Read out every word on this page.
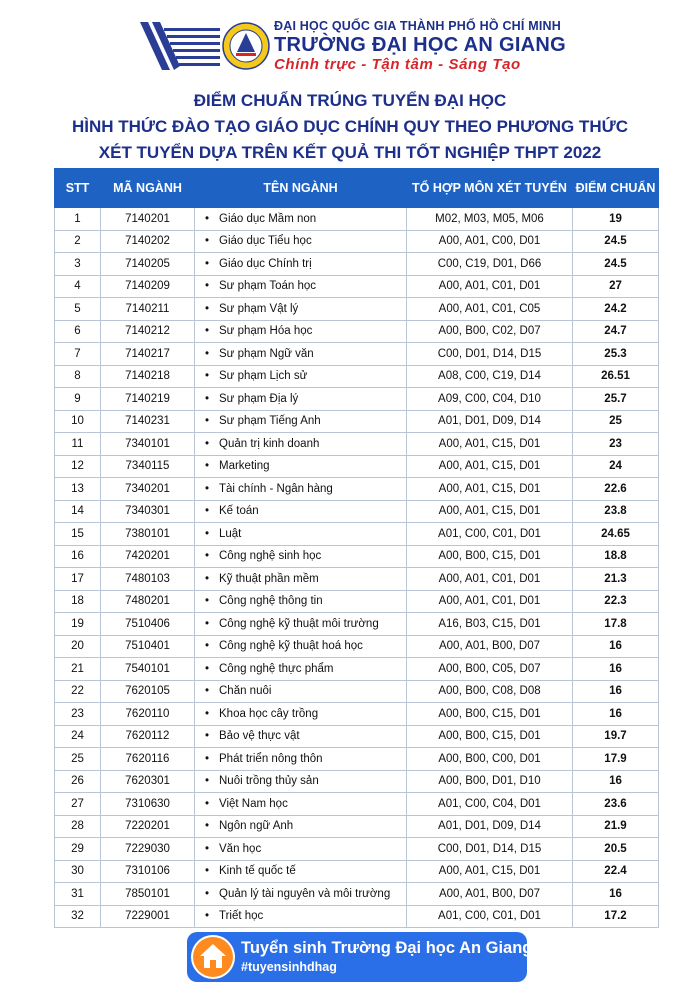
ĐẠI HỌC QUỐC GIA THÀNH PHỐ HỒ CHÍ MINH
TRƯỜNG ĐẠI HỌC AN GIANG
Chính trực - Tận tâm - Sáng Tạo
ĐIỂM CHUẨN TRÚNG TUYỂN ĐẠI HỌC
HÌNH THỨC ĐÀO TẠO GIÁO DỤC CHÍNH QUY THEO PHƯƠNG THỨC
XÉT TUYỂN DỰA TRÊN KẾT QUẢ THI TỐT NGHIỆP THPT 2022
STT	MÃ NGÀNH	TÊN NGÀNH	TỔ HỢP MÔN XÉT TUYỂN	ĐIỂM CHUẨN
1	7140201	• Giáo dục Mầm non	M02, M03, M05, M06	19
2	7140202	• Giáo dục Tiểu học	A00, A01, C00, D01	24.5
3	7140205	• Giáo dục Chính trị	C00, C19, D01, D66	24.5
4	7140209	• Sư phạm Toán học	A00, A01, C01, D01	27
5	7140211	• Sư phạm Vật lý	A00, A01, C01, C05	24.2
6	7140212	• Sư phạm Hóa học	A00, B00, C02, D07	24.7
7	7140217	• Sư phạm Ngữ văn	C00, D01, D14, D15	25.3
8	7140218	• Sư phạm Lịch sử	A08, C00, C19, D14	26.51
9	7140219	• Sư phạm Địa lý	A09, C00, C04, D10	25.7
10	7140231	• Sư phạm Tiếng Anh	A01, D01, D09, D14	25
11	7340101	• Quản trị kinh doanh	A00, A01, C15, D01	23
12	7340115	• Marketing	A00, A01, C15, D01	24
13	7340201	• Tài chính - Ngân hàng	A00, A01, C15, D01	22.6
14	7340301	• Kế toán	A00, A01, C15, D01	23.8
15	7380101	• Luật	A01, C00, C01, D01	24.65
16	7420201	• Công nghệ sinh học	A00, B00, C15, D01	18.8
17	7480103	• Kỹ thuật phần mềm	A00, A01, C01, D01	21.3
18	7480201	• Công nghệ thông tin	A00, A01, C01, D01	22.3
19	7510406	• Công nghệ kỹ thuật môi trường	A16, B03, C15, D01	17.8
20	7510401	• Công nghệ kỹ thuật hoá học	A00, A01, B00, D07	16
21	7540101	• Công nghệ thực phẩm	A00, B00, C05, D07	16
22	7620105	• Chăn nuôi	A00, B00, C08, D08	16
23	7620110	• Khoa học cây trồng	A00, B00, C15, D01	16
24	7620112	• Bảo vệ thực vật	A00, B00, C15, D01	19.7
25	7620116	• Phát triển nông thôn	A00, B00, C00, D01	17.9
26	7620301	• Nuôi trồng thủy sản	A00, B00, D01, D10	16
27	7310630	• Việt Nam học	A01, C00, C04, D01	23.6
28	7220201	• Ngôn ngữ Anh	A01, D01, D09, D14	21.9
29	7229030	• Văn học	C00, D01, D14, D15	20.5
30	7310106	• Kinh tế quốc tế	A00, A01, C15, D01	22.4
31	7850101	• Quản lý tài nguyên và môi trường	A00, A01, B00, D07	16
32	7229001	• Triết học	A01, C00, C01, D01	17.2
Tuyển sinh Trường Đại học An Giang
#tuyensinhdhag
